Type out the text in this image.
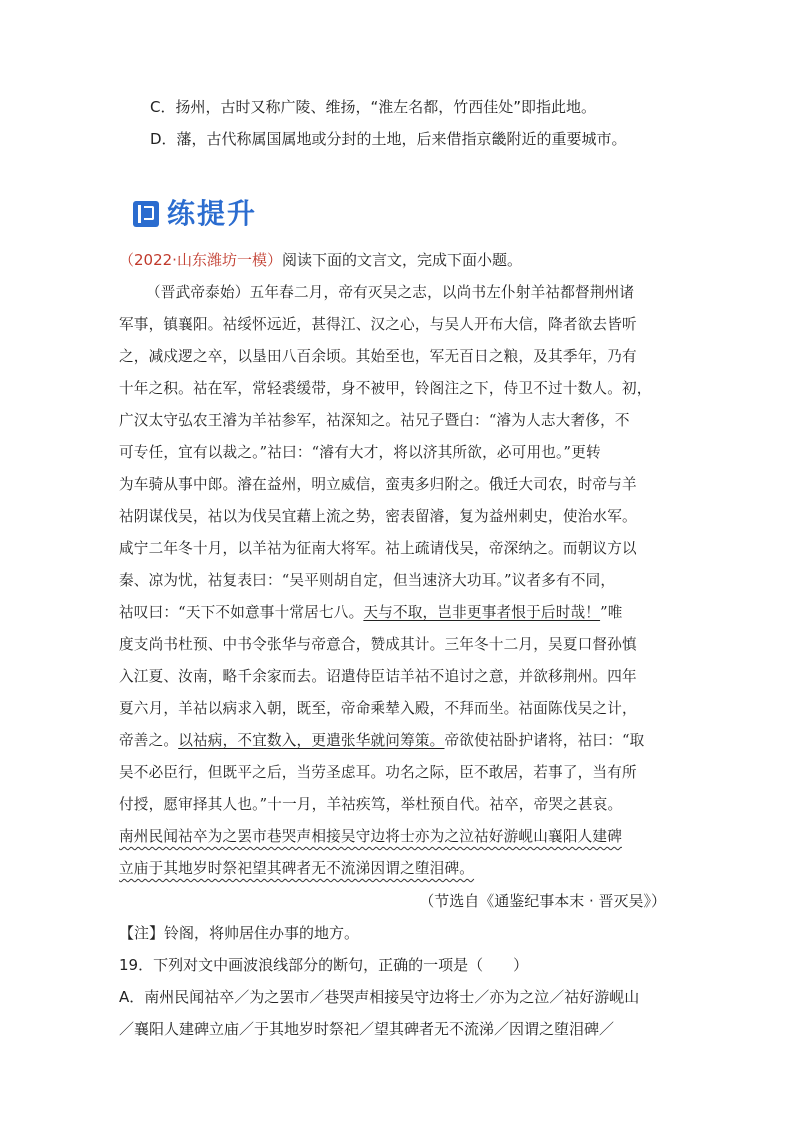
C．扬州，古时又称广陵、维扬，“淮左名都，竹西佳处”即指此地。
D．藩，古代称属国属地或分封的土地，后来借指京畿附近的重要城市。
练提升
（2022·山东潍坊一模）阅读下面的文言文，完成下面小题。
（晋武帝泰始）五年春二月，帝有灭吴之志，以尚书左仆射羊祜都督荆州诸
军事，镇襄阳。祜绥怀远近，甚得江、汉之心，与吴人开布大信，降者欲去皆听
之，减戍逻之卒，以垦田八百余顷。其始至也，军无百日之粮，及其季年，乃有
十年之积。祜在军，常轻裘缓带，身不被甲，铃阁注之下，侍卫不过十数人。初，
广汉太守弘农王濬为羊祜参军，祜深知之。祜兄子暨白：“濬为人志大奢侈，不
可专任，宜有以裁之。”祜曰：“濬有大才，将以济其所欲，必可用也。”更转
为车骑从事中郎。濬在益州，明立威信，蛮夷多归附之。俄迁大司农，时帝与羊
祜阴谋伐吴，祜以为伐吴宜藉上流之势，密表留濬，复为益州刺史，使治水军。
咸宁二年冬十月，以羊祜为征南大将军。祜上疏请伐吴，帝深纳之。而朝议方以
秦、凉为忧，祜复表曰：“吴平则胡自定，但当速济大功耳。”议者多有不同，
祜叹曰：“天下不如意事十常居七八。天与不取，岂非更事者恨于后时哉！”唯
度支尚书杜预、中书令张华与帝意合，赞成其计。三年冬十二月，吴夏口督孙慎
入江夏、汝南，略千余家而去。诏遣侍臣诘羊祜不追讨之意，并欲移荆州。四年
夏六月，羊祜以病求入朝，既至，帝命乘辇入殿，不拜而坐。祜面陈伐吴之计，
帝善之。以祜病，不宜数入，更遣张华就问筹策。帝欲使祜卧护诸将，祜曰：“取
吴不必臣行，但既平之后，当劳圣虑耳。功名之际，臣不敢居，若事了，当有所
付授，愿审择其人也。”十一月，羊祜疾笃，举杜预自代。祜卒，帝哭之甚哀。
南州民闻祜卒为之罢市巷哭声相接吴守边将士亦为之泣祜好游岘山襄阳人建碑
立庙于其地岁时祭祀望其碑者无不流涕因谓之堕泪碑。
（节选自《通鉴纪事本末 · 晋灭吴》）
【注】铃阁，将帅居住办事的地方。
19．下列对文中画波浪线部分的断句，正确的一项是（　　）
A．南州民闻祜卒／为之罢市／巷哭声相接吴守边将士／亦为之泣／祜好游岘山
／襄阳人建碑立庙／于其地岁时祭祀／望其碑者无不流涕／因谓之堕泪碑／
